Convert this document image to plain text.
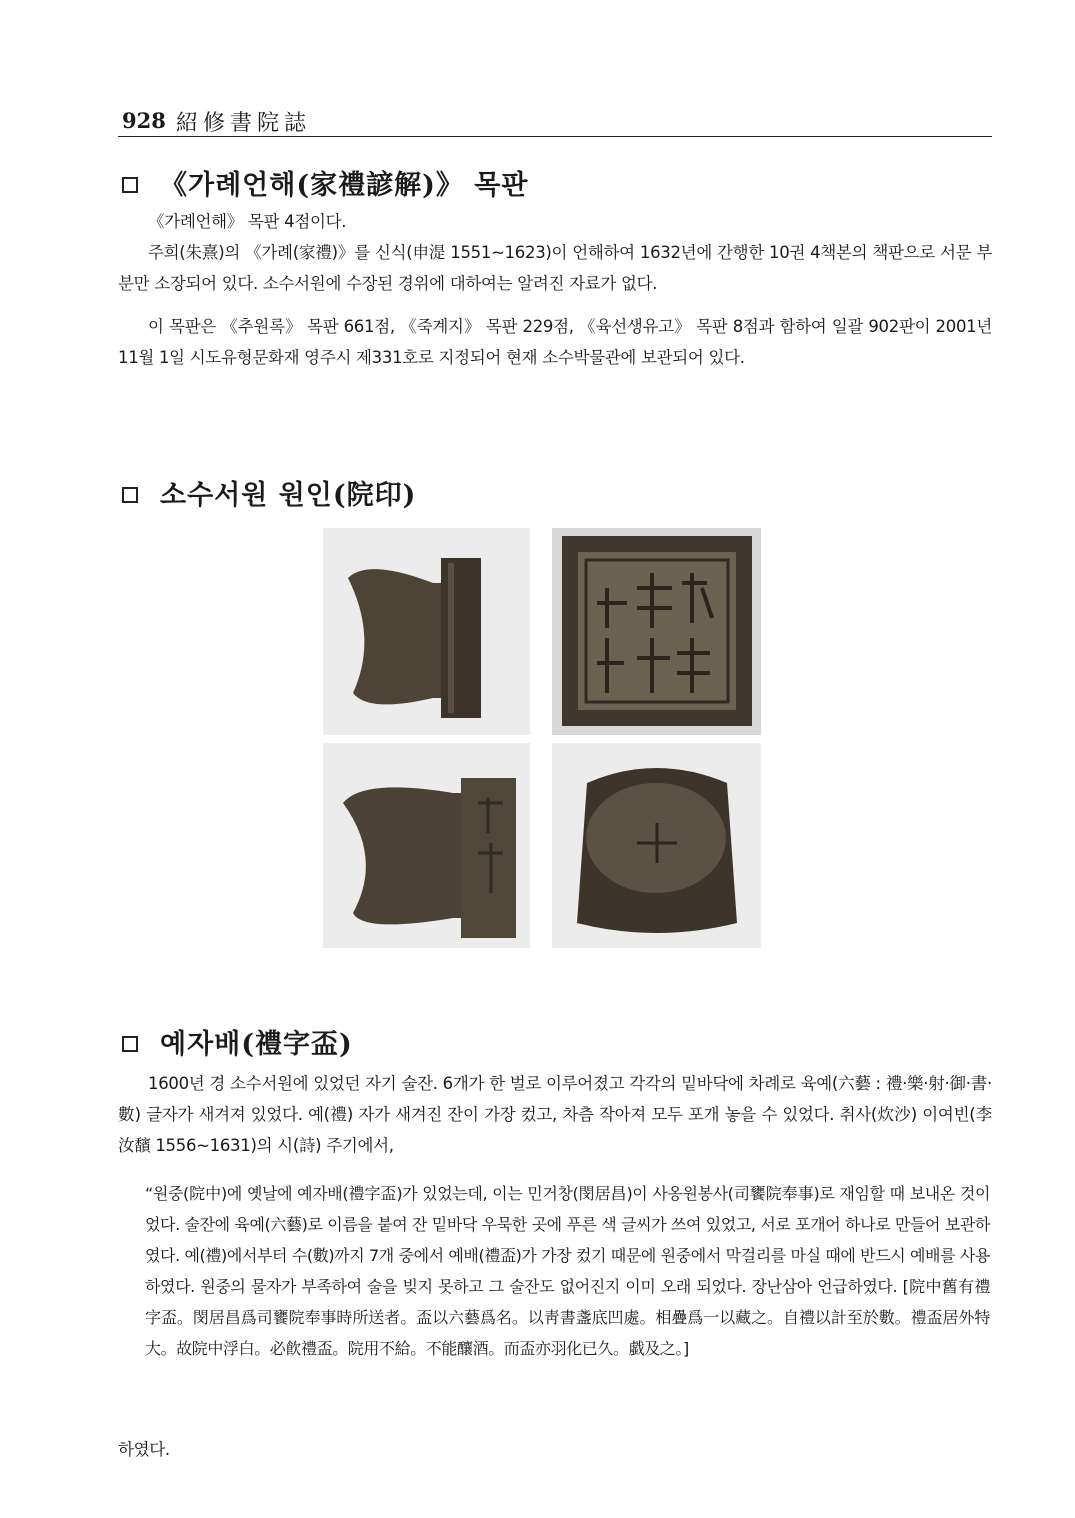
928 紹修書院誌
《가례언해(家禮諺解)》 목판
《가례언해》 목판 4점이다.
주희(朱熹)의 《가례(家禮)》를 신식(申湜 1551~1623)이 언해하여 1632년에 간행한 10권 4책본의 책판으로 서문 부분만 소장되어 있다. 소수서원에 수장된 경위에 대하여는 알려진 자료가 없다.
이 목판은 《추원록》 목판 661점, 《죽계지》 목판 229점, 《육선생유고》 목판 8점과 함하여 일괄 902판이 2001년 11월 1일 시도유형문화재 영주시 제331호로 지정되어 현재 소수박물관에 보관되어 있다.
소수서원 원인(院印)
예자배(禮字盃)
1600년 경 소수서원에 있었던 자기 술잔. 6개가 한 벌로 이루어졌고 각각의 밑바닥에 차례로 육예(六藝 : 禮·樂·射·御·書·數) 글자가 새겨져 있었다. 예(禮) 자가 새겨진 잔이 가장 컸고, 차츰 작아져 모두 포개 놓을 수 있었다. 취사(炊沙) 이여빈(李汝馪 1556~1631)의 시(詩) 주기에서,
“원중(院中)에 옛날에 예자배(禮字盃)가 있었는데, 이는 민거창(閔居昌)이 사옹원봉사(司饔院奉事)로 재임할 때 보내온 것이었다. 술잔에 육예(六藝)로 이름을 붙여 잔 밑바닥 우묵한 곳에 푸른 색 글씨가 쓰여 있었고, 서로 포개어 하나로 만들어 보관하였다. 예(禮)에서부터 수(數)까지 7개 중에서 예배(禮盃)가 가장 컸기 때문에 원중에서 막걸리를 마실 때에 반드시 예배를 사용하였다. 원중의 물자가 부족하여 술을 빚지 못하고 그 술잔도 없어진지 이미 오래 되었다. 장난삼아 언급하였다. [院中舊有禮字盃。閔居昌爲司饔院奉事時所送者。盃以六藝爲名。以靑書盞底凹處。相疊爲一以藏之。自禮以計至於數。禮盃居外特大。故院中浮白。必飮禮盃。院用不給。不能釀酒。而盃亦羽化已久。戱及之。]
하였다.
